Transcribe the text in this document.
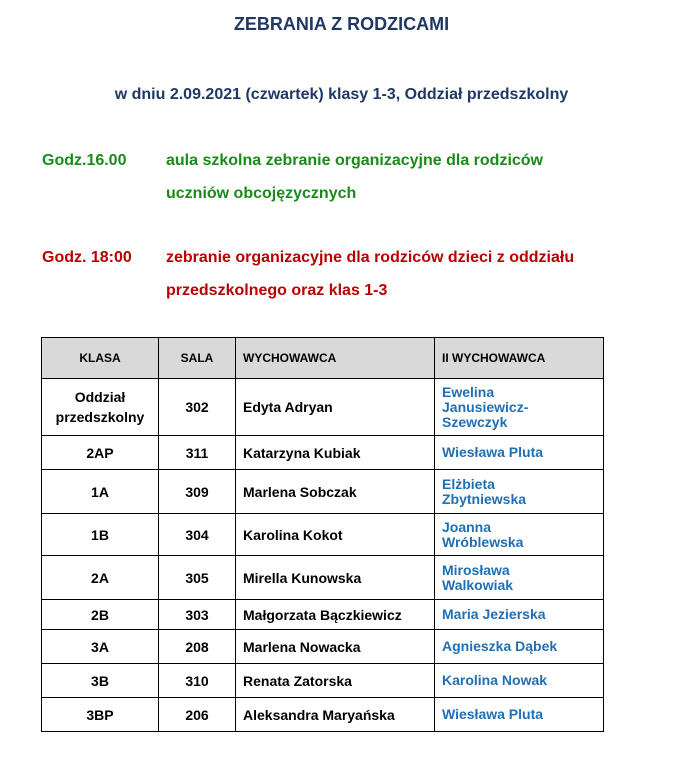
ZEBRANIA Z RODZICAMI
w dniu 2.09.2021 (czwartek) klasy 1-3, Oddział przedszkolny
Godz.16.00 aula szkolna zebranie organizacyjne dla rodziców
uczniów obcojęzycznych
Godz. 18:00 zebranie organizacyjne dla rodziców dzieci z oddziału
przedszkolnego oraz klas 1-3
KLASA	SALA	WYCHOWAWCA	II WYCHOWAWCA

Oddział
przedszkolny	302	Edyta Adryan	Ewelina
Janusiewicz-
Szewczyk

2AP	311	Katarzyna Kubiak	Wiesława Pluta

1A	309	Marlena Sobczak	Elżbieta
Zbytniewska

1B	304	Karolina Kokot	Joanna
Wróblewska

2A	305	Mirella Kunowska	Mirosława
Walkowiak

2B	303	Małgorzata Bączkiewicz	Maria Jezierska

3A	208	Marlena Nowacka	Agnieszka Dąbek

3B	310	Renata Zatorska	Karolina Nowak

3BP	206	Aleksandra Maryańska	Wiesława Pluta
